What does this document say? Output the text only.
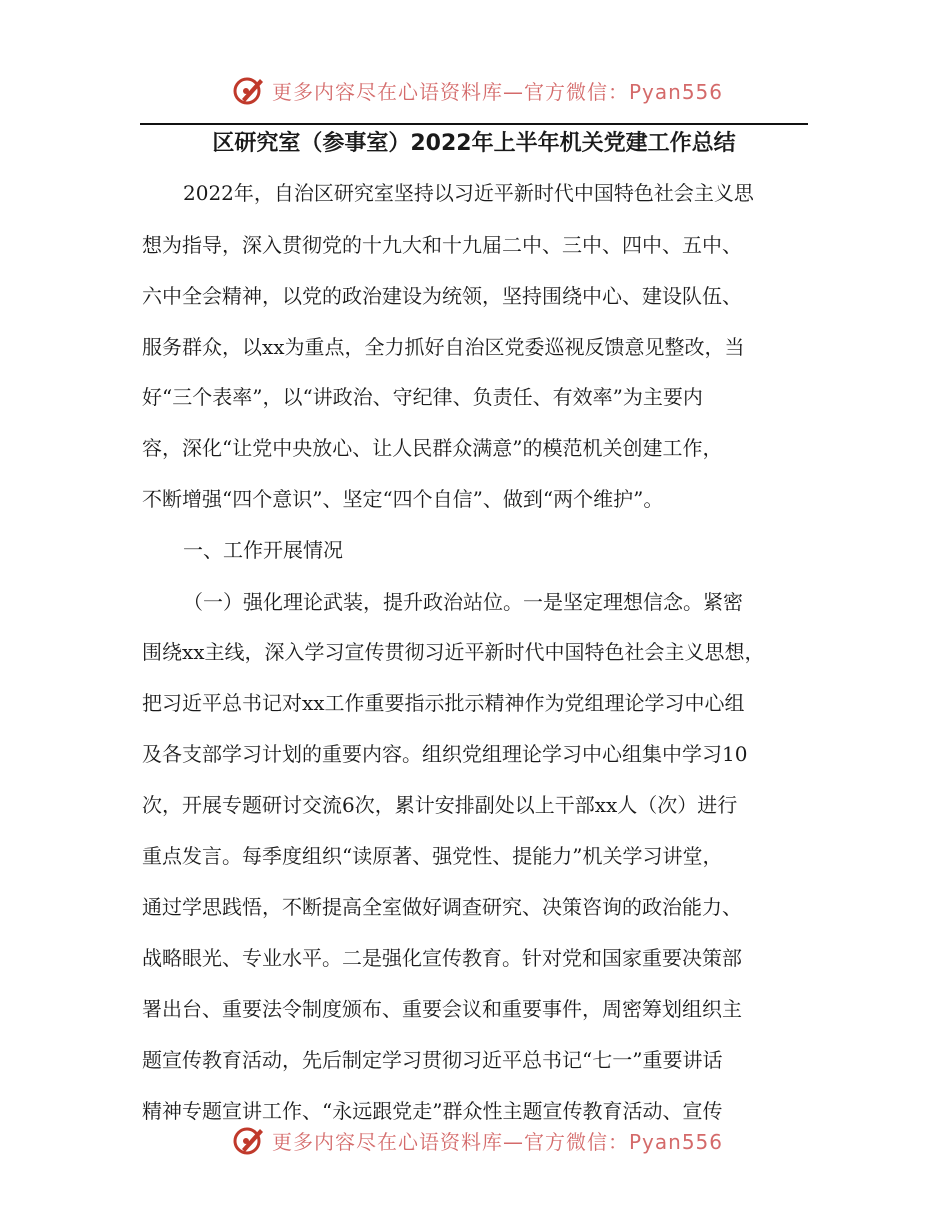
更多内容尽在心语资料库—官方微信：Pyan556
区研究室（参事室）2022年上半年机关党建工作总结
2022年，自治区研究室坚持以习近平新时代中国特色社会主义思
想为指导，深入贯彻党的十九大和十九届二中、三中、四中、五中、
六中全会精神，以党的政治建设为统领，坚持围绕中心、建设队伍、
服务群众，以xx为重点，全力抓好自治区党委巡视反馈意见整改，当
好“三个表率”，以“讲政治、守纪律、负责任、有效率”为主要内
容，深化“让党中央放心、让人民群众满意”的模范机关创建工作，
不断增强“四个意识”、坚定“四个自信”、做到“两个维护”。
一、工作开展情况
（一）强化理论武装，提升政治站位。一是坚定理想信念。紧密
围绕xx主线，深入学习宣传贯彻习近平新时代中国特色社会主义思想，
把习近平总书记对xx工作重要指示批示精神作为党组理论学习中心组
及各支部学习计划的重要内容。组织党组理论学习中心组集中学习10
次，开展专题研讨交流6次，累计安排副处以上干部xx人（次）进行
重点发言。每季度组织“读原著、强党性、提能力”机关学习讲堂，
通过学思践悟，不断提高全室做好调查研究、决策咨询的政治能力、
战略眼光、专业水平。二是强化宣传教育。针对党和国家重要决策部
署出台、重要法令制度颁布、重要会议和重要事件，周密筹划组织主
题宣传教育活动，先后制定学习贯彻习近平总书记“七一”重要讲话
精神专题宣讲工作、“永远跟党走”群众性主题宣传教育活动、宣传
更多内容尽在心语资料库—官方微信：Pyan556
